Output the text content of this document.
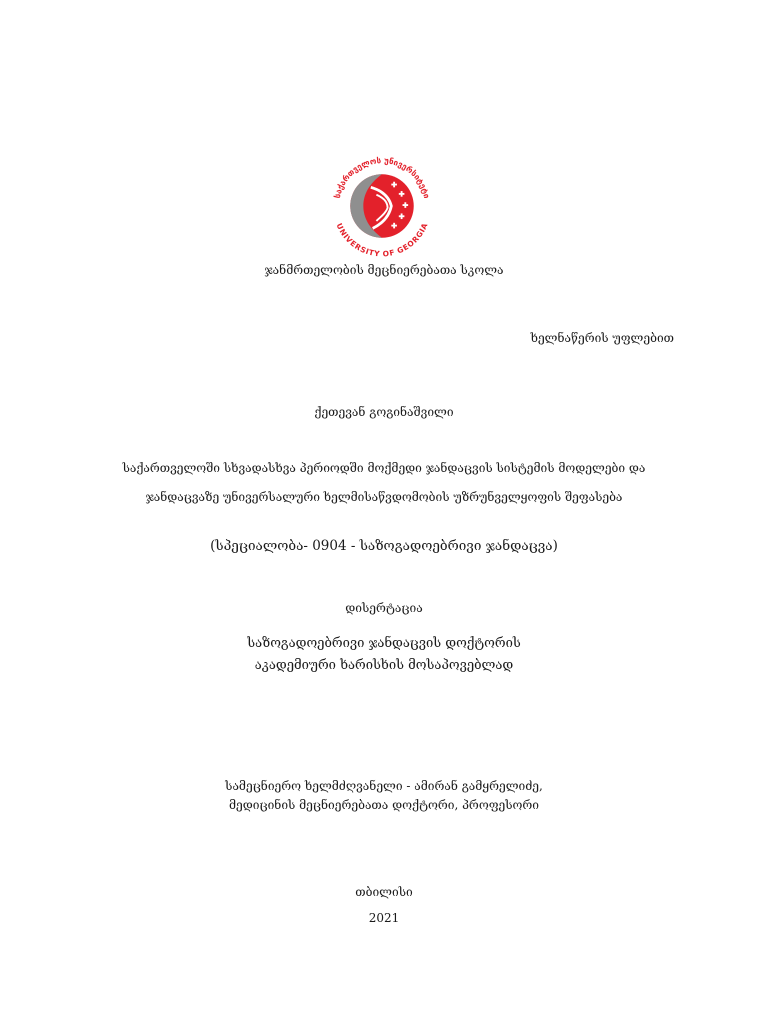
საქართველოს უნივერსიტეტი
UNIVERSITY OF GEORGIA
ჯანმრთელობის მეცნიერებათა სკოლა
ხელნაწერის უფლებით
ქეთევან გოგინაშვილი
საქართველოში სხვადასხვა პერიოდში მოქმედი ჯანდაცვის სისტემის მოდელები და
ჯანდაცვაზე უნივერსალური ხელმისაწვდომობის უზრუნველყოფის შეფასება
(სპეციალობა- 0904 - საზოგადოებრივი ჯანდაცვა)
დისერტაცია
საზოგადოებრივი ჯანდაცვის დოქტორის
აკადემიური ხარისხის მოსაპოვებლად
სამეცნიერო ხელმძღვანელი - ამირან გამყრელიძე,
მედიცინის მეცნიერებათა დოქტორი, პროფესორი
თბილისი
2021
